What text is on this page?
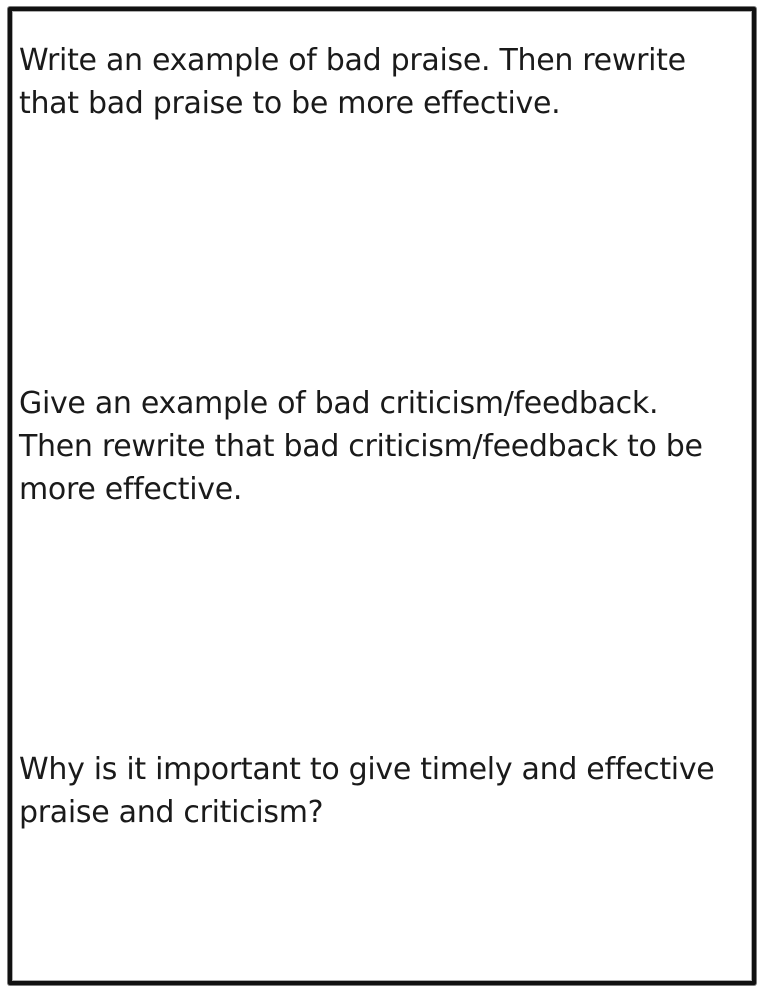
Write an example of bad praise. Then rewrite that bad praise to be more effective.

Give an example of bad criticism/feedback. Then rewrite that bad criticism/feedback to be more effective.

Why is it important to give timely and effective praise and criticism?
